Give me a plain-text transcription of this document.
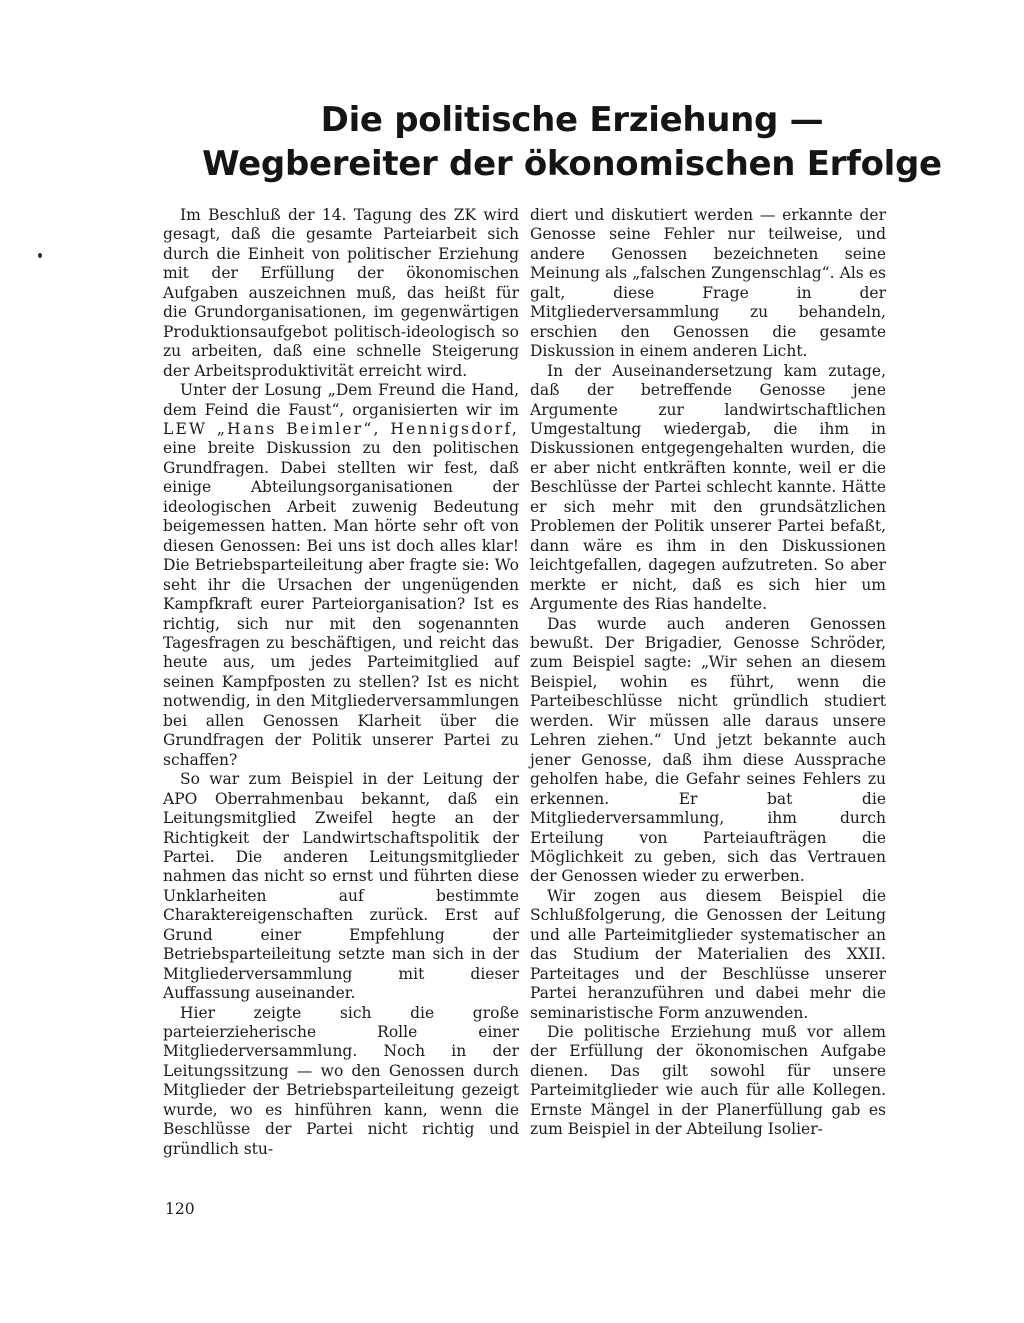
Die politische Erziehung —
Wegbereiter der ökonomischen Erfolge

Im Beschluß der 14. Tagung des ZK wird gesagt, daß die gesamte Parteiarbeit sich durch die Einheit von politischer Erziehung mit der Erfüllung der ökonomischen Aufgaben auszeichnen muß, das heißt für die Grundorganisationen, im gegenwärtigen Produktionsaufgebot politisch-ideologisch so zu arbeiten, daß eine schnelle Steigerung der Arbeitsproduktivität erreicht wird.

Unter der Losung „Dem Freund die Hand, dem Feind die Faust“, organisierten wir im LEW „Hans Beimler“, Hennigsdorf, eine breite Diskussion zu den politischen Grundfragen. Dabei stellten wir fest, daß einige Abteilungsorganisationen der ideologischen Arbeit zuwenig Bedeutung beigemessen hatten. Man hörte sehr oft von diesen Genossen: Bei uns ist doch alles klar! Die Betriebsparteileitung aber fragte sie: Wo seht ihr die Ursachen der ungenügenden Kampfkraft eurer Parteiorganisation? Ist es richtig, sich nur mit den sogenannten Tagesfragen zu beschäftigen, und reicht das heute aus, um jedes Parteimitglied auf seinen Kampfposten zu stellen? Ist es nicht notwendig, in den Mitgliederversammlungen bei allen Genossen Klarheit über die Grundfragen der Politik unserer Partei zu schaffen?

So war zum Beispiel in der Leitung der APO Oberrahmenbau bekannt, daß ein Leitungsmitglied Zweifel hegte an der Richtigkeit der Landwirtschaftspolitik der Partei. Die anderen Leitungsmitglieder nahmen das nicht so ernst und führten diese Unklarheiten auf bestimmte Charaktereigenschaften zurück. Erst auf Grund einer Empfehlung der Betriebsparteileitung setzte man sich in der Mitgliederversammlung mit dieser Auffassung auseinander.

Hier zeigte sich die große parteierzieherische Rolle einer Mitgliederversammlung. Noch in der Leitungssitzung — wo den Genossen durch Mitglieder der Betriebsparteileitung gezeigt wurde, wo es hinführen kann, wenn die Beschlüsse der Partei nicht richtig und gründlich stu-

diert und diskutiert werden — erkannte der Genosse seine Fehler nur teilweise, und andere Genossen bezeichneten seine Meinung als „falschen Zungenschlag“. Als es galt, diese Frage in der Mitgliederversammlung zu behandeln, erschien den Genossen die gesamte Diskussion in einem anderen Licht.

In der Auseinandersetzung kam zutage, daß der betreffende Genosse jene Argumente zur landwirtschaftlichen Umgestaltung wiedergab, die ihm in Diskussionen entgegengehalten wurden, die er aber nicht entkräften konnte, weil er die Beschlüsse der Partei schlecht kannte. Hätte er sich mehr mit den grundsätzlichen Problemen der Politik unserer Partei befaßt, dann wäre es ihm in den Diskussionen leichtgefallen, dagegen aufzutreten. So aber merkte er nicht, daß es sich hier um Argumente des Rias handelte.

Das wurde auch anderen Genossen bewußt. Der Brigadier, Genosse Schröder, zum Beispiel sagte: „Wir sehen an diesem Beispiel, wohin es führt, wenn die Parteibeschlüsse nicht gründlich studiert werden. Wir müssen alle daraus unsere Lehren ziehen.“ Und jetzt bekannte auch jener Genosse, daß ihm diese Aussprache geholfen habe, die Gefahr seines Fehlers zu erkennen. Er bat die Mitgliederversammlung, ihm durch Erteilung von Parteiaufträgen die Möglichkeit zu geben, sich das Vertrauen der Genossen wieder zu erwerben.

Wir zogen aus diesem Beispiel die Schlußfolgerung, die Genossen der Leitung und alle Parteimitglieder systematischer an das Studium der Materialien des XXII. Parteitages und der Beschlüsse unserer Partei heranzuführen und dabei mehr die seminaristische Form anzuwenden.

Die politische Erziehung muß vor allem der Erfüllung der ökonomischen Aufgabe dienen. Das gilt sowohl für unsere Parteimitglieder wie auch für alle Kollegen. Ernste Mängel in der Planerfüllung gab es zum Beispiel in der Abteilung Isolier-

120
